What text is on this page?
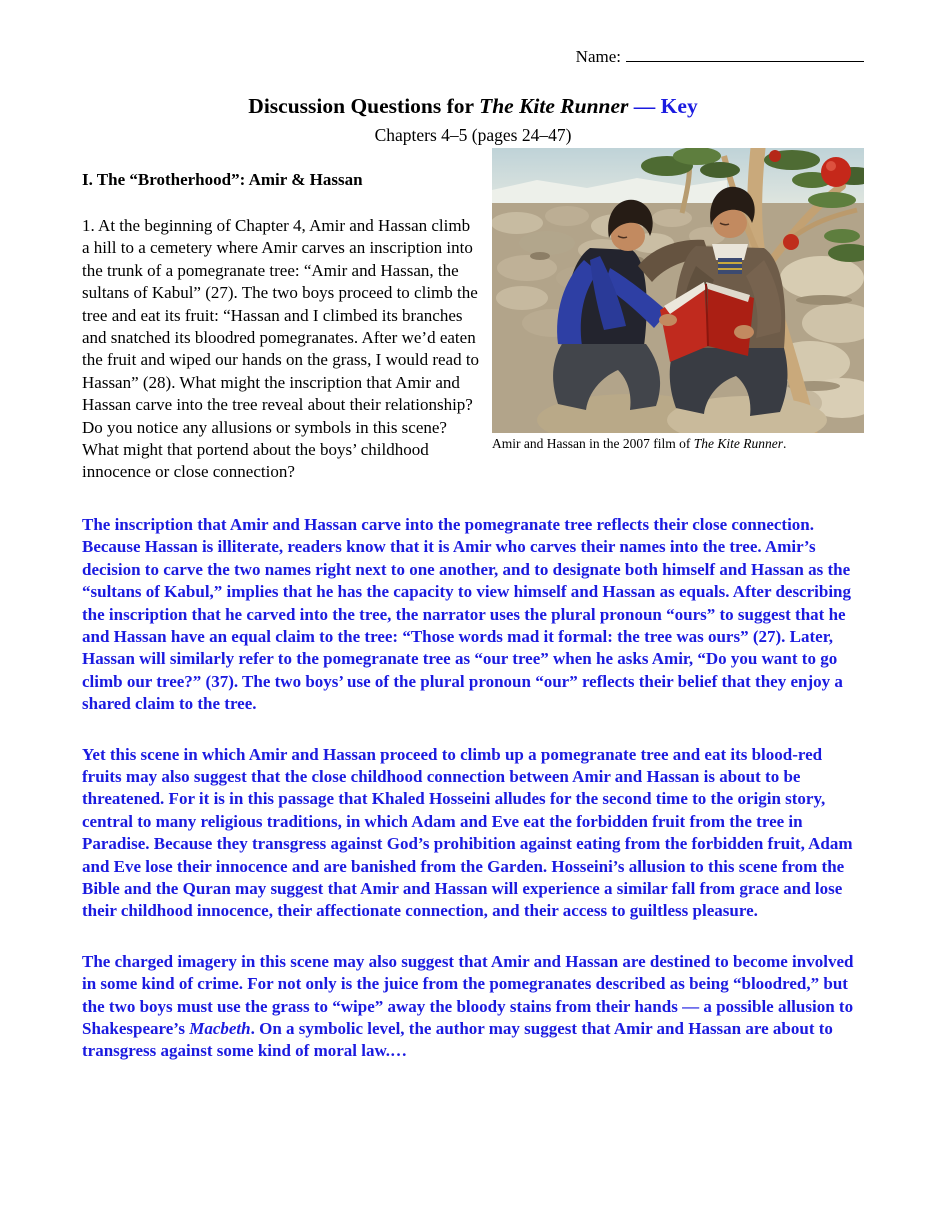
Name:
Discussion Questions for The Kite Runner — Key
Chapters 4–5 (pages 24–47)
Amir and Hassan in the 2007 film of The Kite Runner.
I. The “Brotherhood”: Amir & Hassan

1. At the beginning of Chapter 4, Amir and Hassan climb a hill to a cemetery where Amir carves an inscription into the trunk of a pomegranate tree: “Amir and Hassan, the sultans of Kabul” (27). The two boys proceed to climb the tree and eat its fruit: “Hassan and I climbed its branches and snatched its bloodred pomegranates. After we’d eaten the fruit and wiped our hands on the grass, I would read to Hassan” (28). What might the inscription that Amir and Hassan carve into the tree reveal about their relationship? Do you notice any allusions or symbols in this scene? What might that portend about the boys’ childhood innocence or close connection?

The inscription that Amir and Hassan carve into the pomegranate tree reflects their close connection. Because Hassan is illiterate, readers know that it is Amir who carves their names into the tree. Amir’s decision to carve the two names right next to one another, and to designate both himself and Hassan as the “sultans of Kabul,” implies that he has the capacity to view himself and Hassan as equals. After describing the inscription that he carved into the tree, the narrator uses the plural pronoun “ours” to suggest that he and Hassan have an equal claim to the tree: “Those words mad it formal: the tree was ours” (27). Later, Hassan will similarly refer to the pomegranate tree as “our tree” when he asks Amir, “Do you want to go climb our tree?” (37). The two boys’ use of the plural pronoun “our” reflects their belief that they enjoy a shared claim to the tree.

Yet this scene in which Amir and Hassan proceed to climb up a pomegranate tree and eat its blood-red fruits may also suggest that the close childhood connection between Amir and Hassan is about to be threatened. For it is in this passage that Khaled Hosseini alludes for the second time to the origin story, central to many religious traditions, in which Adam and Eve eat the forbidden fruit from the tree in Paradise. Because they transgress against God’s prohibition against eating from the forbidden fruit, Adam and Eve lose their innocence and are banished from the Garden. Hosseini’s allusion to this scene from the Bible and the Quran may suggest that Amir and Hassan will experience a similar fall from grace and lose their childhood innocence, their affectionate connection, and their access to guiltless pleasure.

The charged imagery in this scene may also suggest that Amir and Hassan are destined to become involved in some kind of crime. For not only is the juice from the pomegranates described as being “bloodred,” but the two boys must use the grass to “wipe” away the bloody stains from their hands — a possible allusion to Shakespeare’s Macbeth. On a symbolic level, the author may suggest that Amir and Hassan are about to transgress against some kind of moral law.…
